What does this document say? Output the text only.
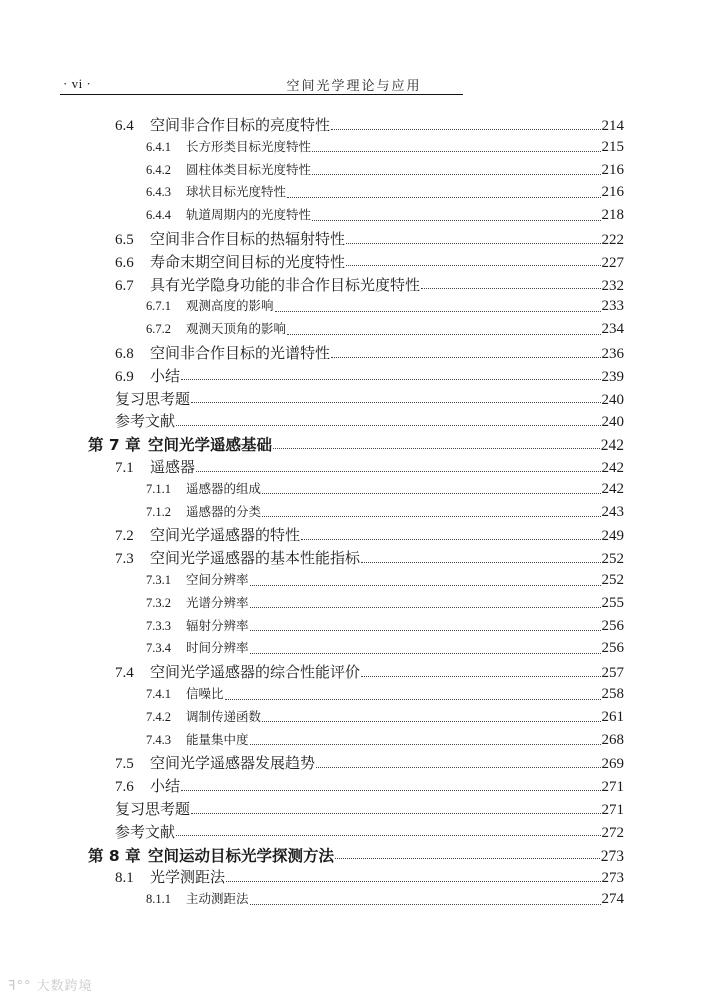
· vi ·	空间光学理论与应用
6.4	空间非合作目标的亮度特性	214
6.4.1	长方形类目标光度特性	215
6.4.2	圆柱体类目标光度特性	216
6.4.3	球状目标光度特性	216
6.4.4	轨道周期内的光度特性	218
6.5	空间非合作目标的热辐射特性	222
6.6	寿命末期空间目标的光度特性	227
6.7	具有光学隐身功能的非合作目标光度特性	232
6.7.1	观测高度的影响	233
6.7.2	观测天顶角的影响	234
6.8	空间非合作目标的光谱特性	236
6.9	小结	239
复习思考题	240
参考文献	240
第 7 章 空间光学遥感基础	242
7.1	遥感器	242
7.1.1	遥感器的组成	242
7.1.2	遥感器的分类	243
7.2	空间光学遥感器的特性	249
7.3	空间光学遥感器的基本性能指标	252
7.3.1	空间分辨率	252
7.3.2	光谱分辨率	255
7.3.3	辐射分辨率	256
7.3.4	时间分辨率	256
7.4	空间光学遥感器的综合性能评价	257
7.4.1	信噪比	258
7.4.2	调制传递函数	261
7.4.3	能量集中度	268
7.5	空间光学遥感器发展趋势	269
7.6	小结	271
复习思考题	271
参考文献	272
第 8 章 空间运动目标光学探测方法	273
8.1	光学测距法	273
8.1.1	主动测距法	274
ꟻ°° 大数跨境
